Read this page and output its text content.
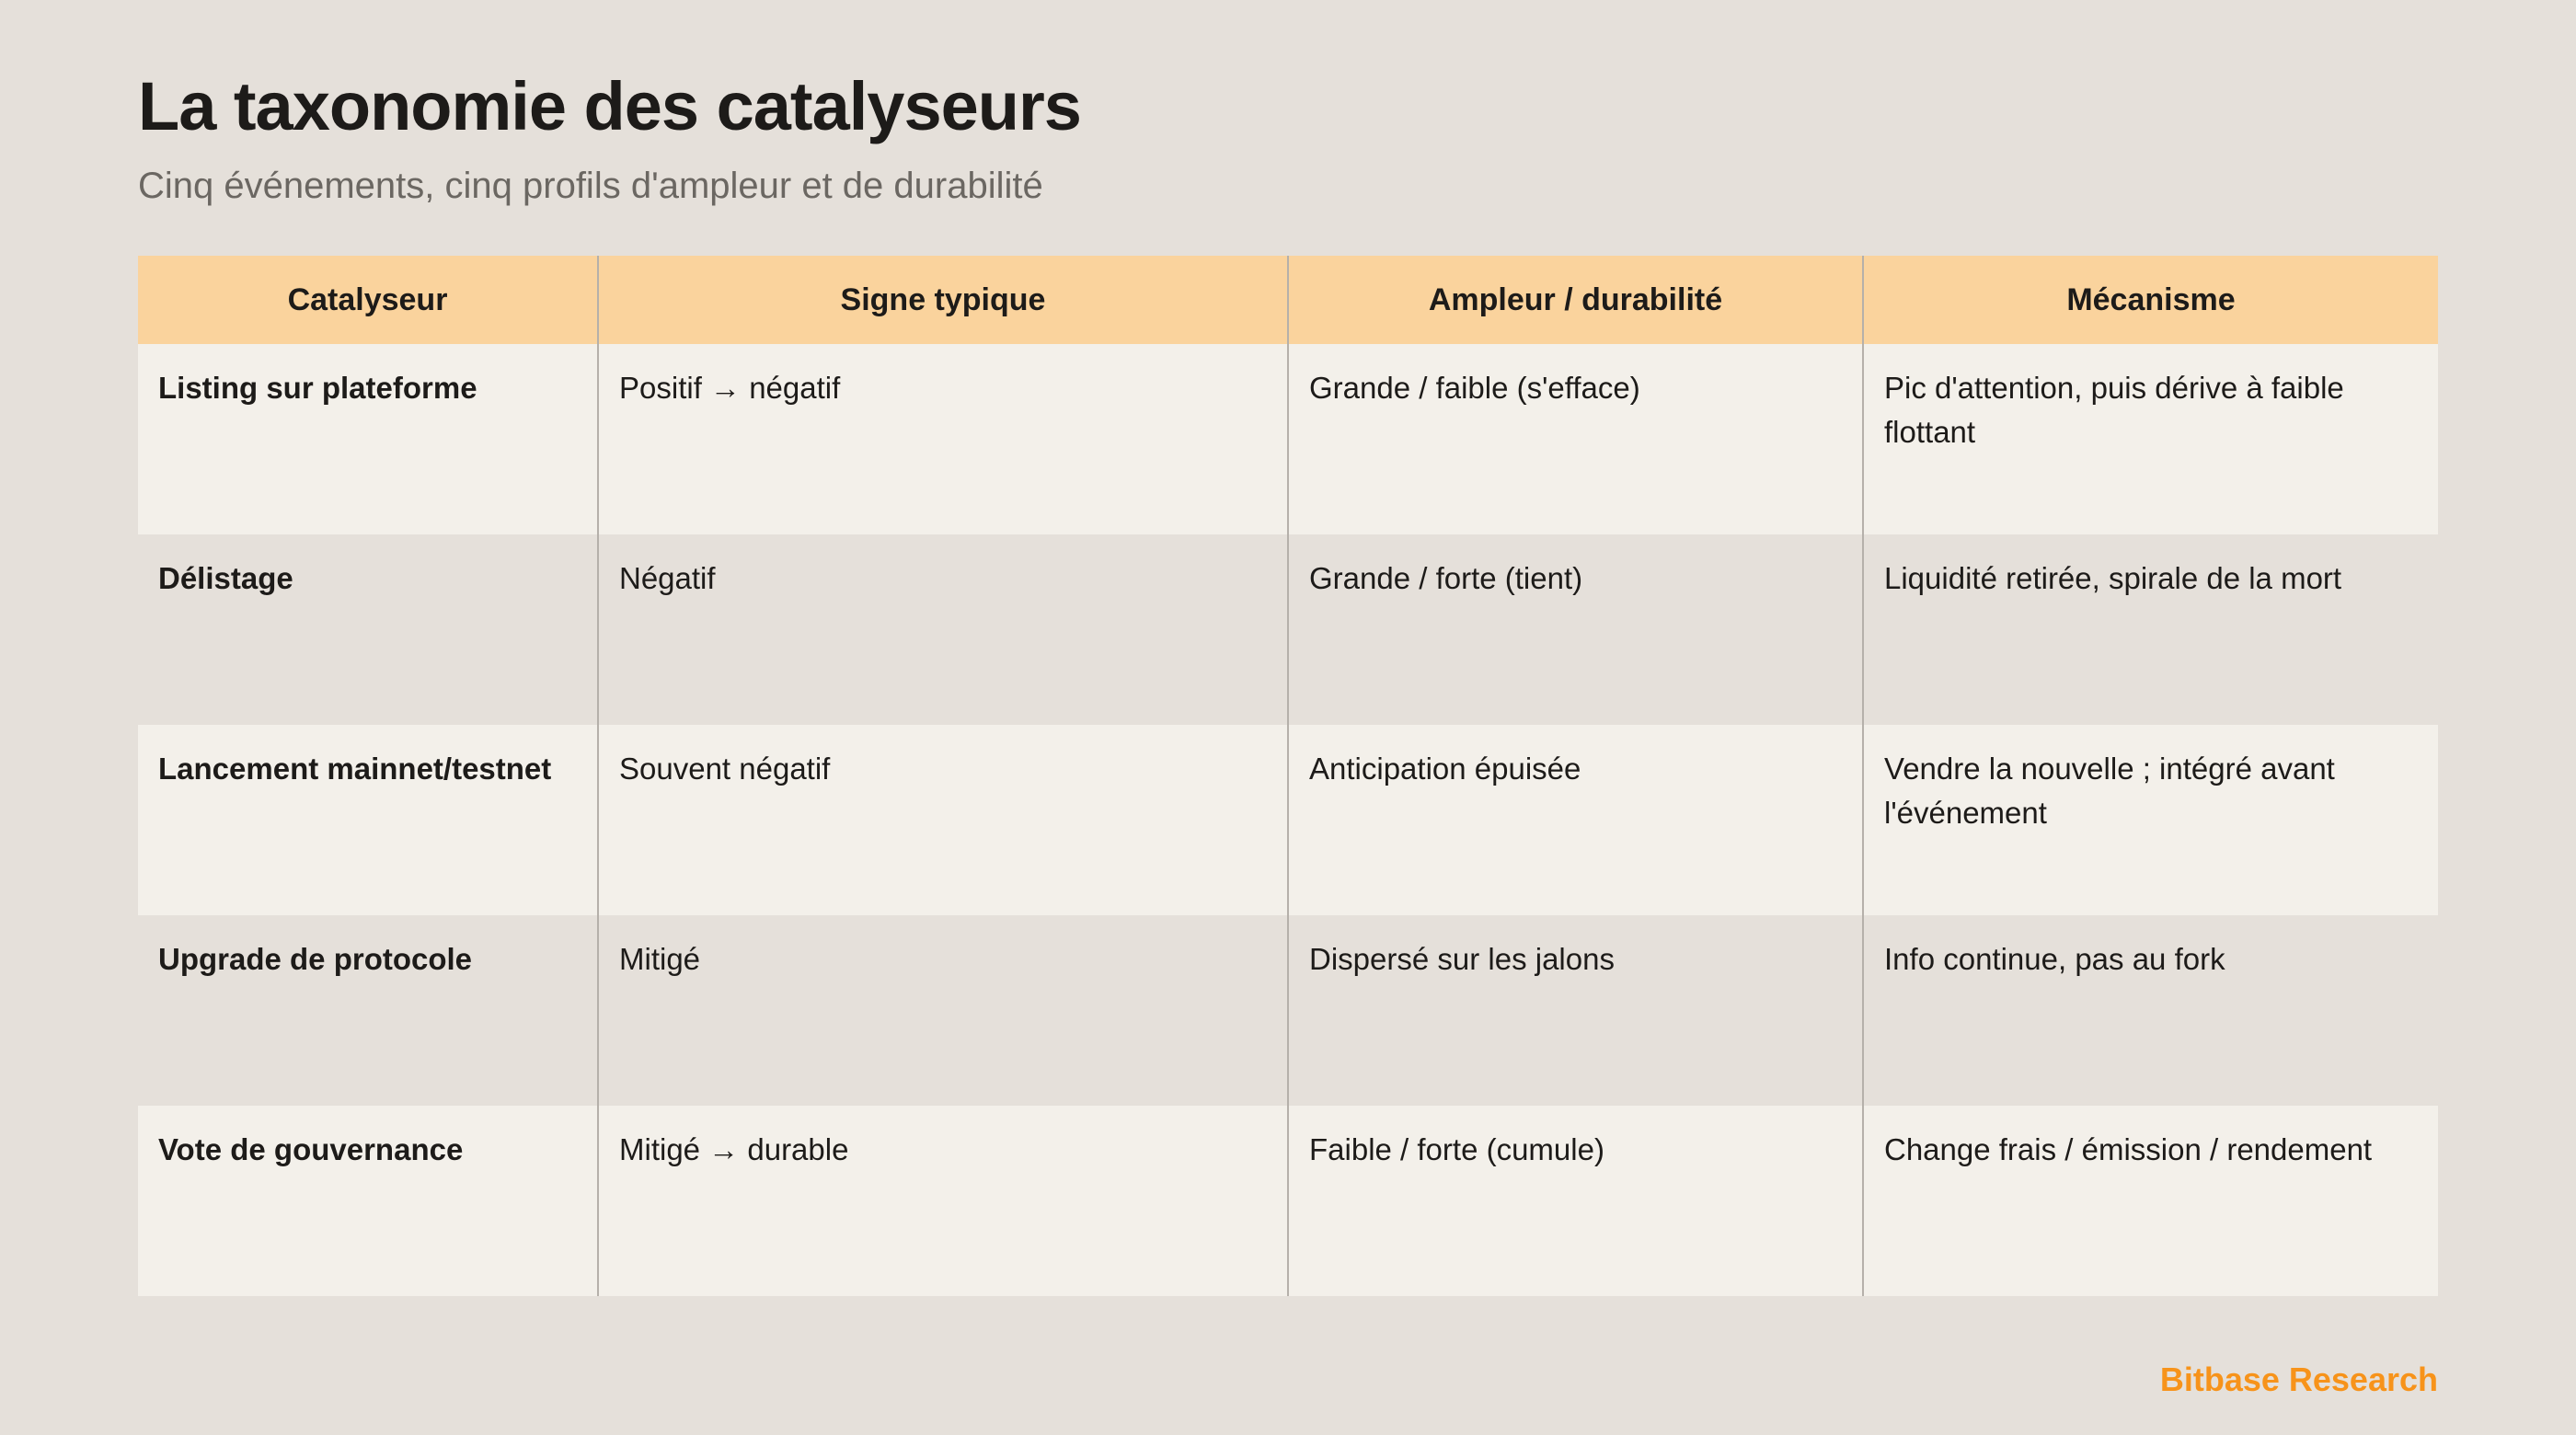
La taxonomie des catalyseurs

Cinq événements, cinq profils d'ampleur et de durabilité

Catalyseur	Signe typique	Ampleur / durabilité	Mécanisme
Listing sur plateforme	Positif → négatif	Grande / faible (s'efface)	Pic d'attention, puis dérive à faible flottant
Délistage	Négatif	Grande / forte (tient)	Liquidité retirée, spirale de la mort
Lancement mainnet/testnet	Souvent négatif	Anticipation épuisée	Vendre la nouvelle ; intégré avant l'événement
Upgrade de protocole	Mitigé	Dispersé sur les jalons	Info continue, pas au fork
Vote de gouvernance	Mitigé → durable	Faible / forte (cumule)	Change frais / émission / rendement
Bitbase Research
